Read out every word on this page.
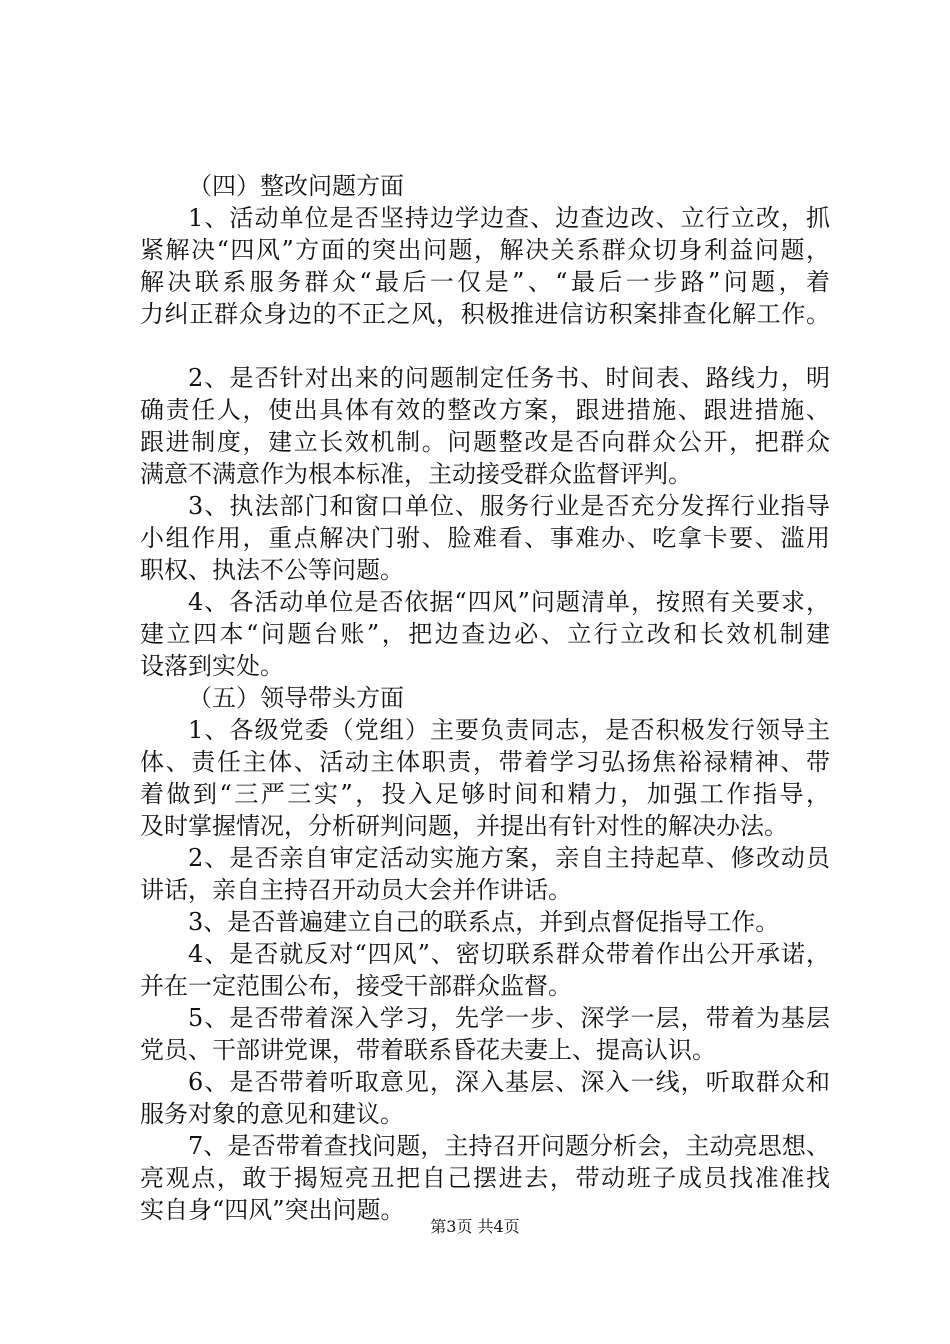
（四）整改问题方面
1、活动单位是否坚持边学边查、边查边改、立行立改，抓
紧解决“四风”方面的突出问题，解决关系群众切身利益问题，
解决联系服务群众“最后一仅是”、“最后一步路”问题，着
力纠正群众身边的不正之风，积极推进信访积案排查化解工作。
2、是否针对出来的问题制定任务书、时间表、路线力，明
确责任人，使出具体有效的整改方案，跟进措施、跟进措施、
跟进制度，建立长效机制。问题整改是否向群众公开，把群众
满意不满意作为根本标准，主动接受群众监督评判。
3、执法部门和窗口单位、服务行业是否充分发挥行业指导
小组作用，重点解决门驸、脸难看、事难办、吃拿卡要、滥用
职权、执法不公等问题。
4、各活动单位是否依据“四风”问题清单，按照有关要求，
建立四本“问题台账”，把边查边必、立行立改和长效机制建
设落到实处。
（五）领导带头方面
1、各级党委（党组）主要负责同志，是否积极发行领导主
体、责任主体、活动主体职责，带着学习弘扬焦裕禄精神、带
着做到“三严三实”，投入足够时间和精力，加强工作指导，
及时掌握情况，分析研判问题，并提出有针对性的解决办法。
2、是否亲自审定活动实施方案，亲自主持起草、修改动员
讲话，亲自主持召开动员大会并作讲话。
3、是否普遍建立自己的联系点，并到点督促指导工作。
4、是否就反对“四风”、密切联系群众带着作出公开承诺，
并在一定范围公布，接受干部群众监督。
5、是否带着深入学习，先学一步、深学一层，带着为基层
党员、干部讲党课，带着联系昏花夫妻上、提高认识。
6、是否带着听取意见，深入基层、深入一线，听取群众和
服务对象的意见和建议。
7、是否带着查找问题，主持召开问题分析会，主动亮思想、
亮观点，敢于揭短亮丑把自己摆进去，带动班子成员找准准找
实自身“四风”突出问题。
第3页 共4页
